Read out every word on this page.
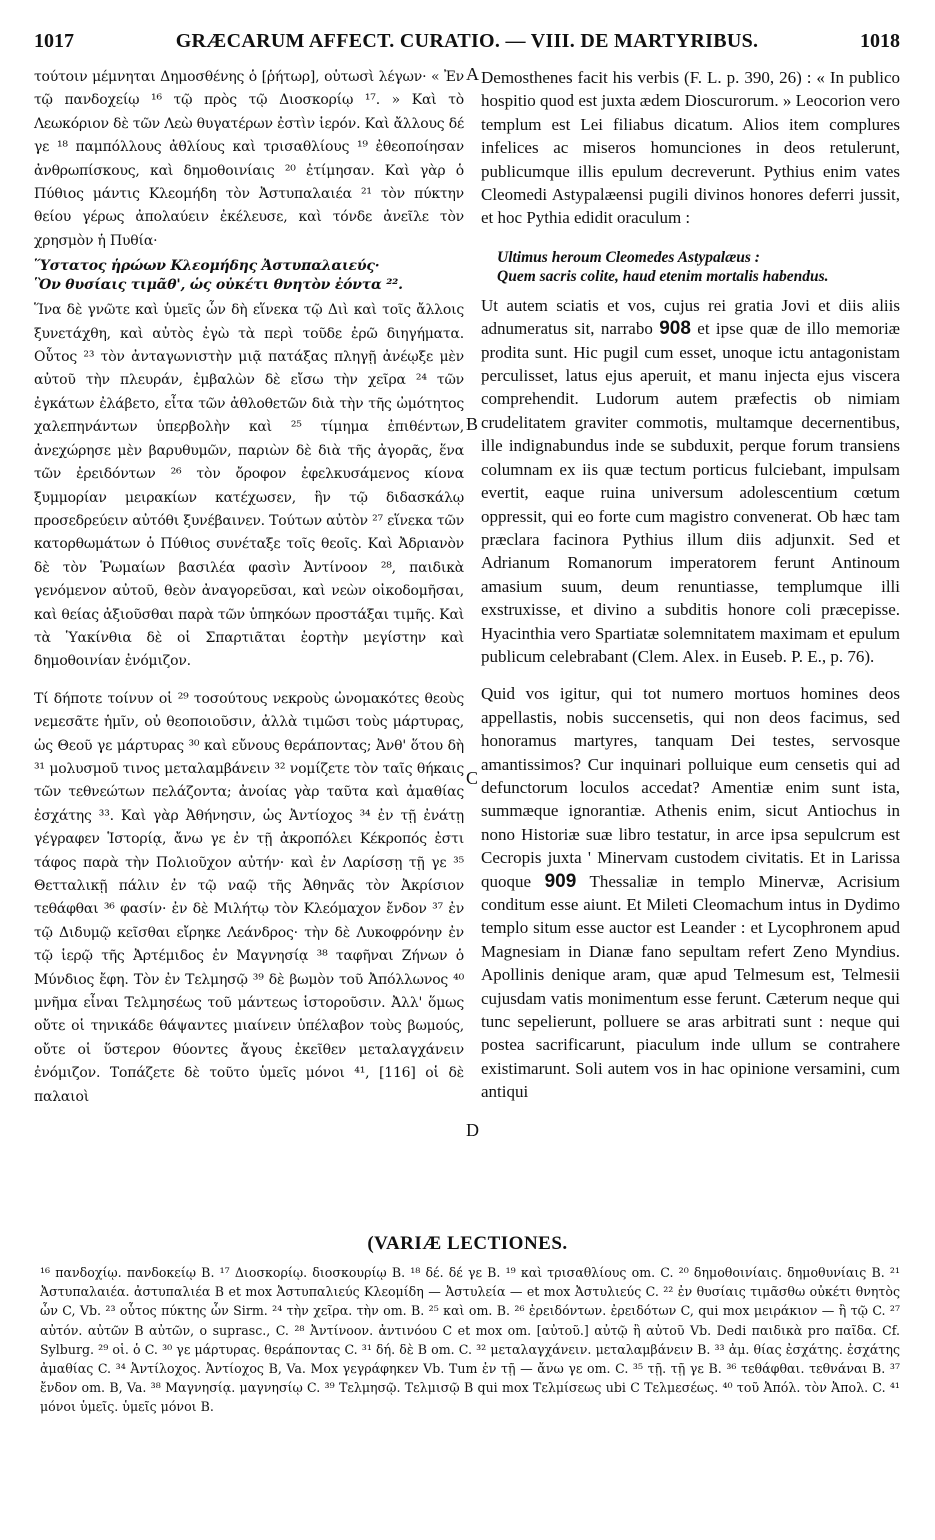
1017	GRÆCARUM AFFECT. CURATIO. — VIII. DE MARTYRIBUS.	1018
A
B
C
D

τούτοιν μέμνηται Δημοσθένης ὁ [ῥήτωρ], οὑτωσὶ λέγων· « Ἐν τῷ πανδοχείῳ ¹⁶ τῷ πρὸς τῷ Διοσκορίῳ ¹⁷. » Καὶ τὸ Λεωκόριον δὲ τῶν Λεὼ θυγατέρων ἐστὶν ἱερόν. Καὶ ἄλλους δέ γε ¹⁸ παμπόλλους ἀθλίους καὶ τρισαθλίους ¹⁹ ἐθεοποίησαν ἀνθρωπίσκους, καὶ δημοθοινίαις ²⁰ ἐτίμησαν. Καὶ γὰρ ὁ Πύθιος μάντις Κλεομήδη τὸν Ἀστυπαλαιέα ²¹ τὸν πύκτην θείου γέρως ἀπολαύειν ἐκέλευσε, καὶ τόνδε ἀνεῖλε τὸν χρησμὸν ἡ Πυθία·

Ὕστατος ἡρώων Κλεομήδης Ἀστυπαλαιεύς·
Ὃν θυσίαις τιμᾶθ', ὡς οὐκέτι θνητὸν ἐόντα ²².

Ἵνα δὲ γνῶτε καὶ ὑμεῖς ὧν δὴ εἵνεκα τῷ Διὶ καὶ τοῖς ἄλλοις ξυνετάχθη, καὶ αὐτὸς ἐγὼ τὰ περὶ τοῦδε ἐρῶ διηγήματα. Οὗτος ²³ τὸν ἀνταγωνιστὴν μιᾷ πατάξας πληγῇ ἀνέῳξε μὲν αὐτοῦ τὴν πλευράν, ἐμβαλὼν δὲ εἴσω τὴν χεῖρα ²⁴ τῶν ἐγκάτων ἐλάβετο, εἶτα τῶν ἀθλοθετῶν διὰ τὴν τῆς ὠμότητος χαλεπηνάντων ὑπερβολὴν καὶ ²⁵ τίμημα ἐπιθέντων, ἀνεχώρησε μὲν βαρυθυμῶν, παριὼν δὲ διὰ τῆς ἀγορᾶς, ἕνα τῶν ἐρειδόντων ²⁶ τὸν ὄροφον ἐφελκυσάμενος κίονα ξυμμορίαν μειρακίων κατέχωσεν, ἣν τῷ διδασκάλῳ προσεδρεύειν αὐτόθι ξυνέβαινεν. Τούτων αὐτὸν ²⁷ εἵνεκα τῶν κατορθωμάτων ὁ Πύθιος συνέταξε τοῖς θεοῖς. Καὶ Ἀδριανὸν δὲ τὸν Ῥωμαίων βασιλέα φασὶν Ἀντίνοον ²⁸, παιδικὰ γενόμενον αὐτοῦ, θεὸν ἀναγορεῦσαι, καὶ νεὼν οἰκοδομῆσαι, καὶ θείας ἀξιοῦσθαι παρὰ τῶν ὑπηκόων προστάξαι τιμῆς. Καὶ τὰ Ὑακίνθια δὲ οἱ Σπαρτιᾶται ἑορτὴν μεγίστην καὶ δημοθοινίαν ἐνόμιζον.

Τί δήποτε τοίνυν οἱ ²⁹ τοσούτους νεκροὺς ὠνομακότες θεοὺς νεμεσᾶτε ἡμῖν, οὐ θεοποιοῦσιν, ἀλλὰ τιμῶσι τοὺς μάρτυρας, ὡς Θεοῦ γε μάρτυρας ³⁰ καὶ εὔνους θεράποντας; Ἀνθ' ὅτου δὴ ³¹ μολυσμοῦ τινος μεταλαμβάνειν ³² νομίζετε τὸν ταῖς θήκαις τῶν τεθνεώτων πελάζοντα; ἀνοίας γὰρ ταῦτα καὶ ἀμαθίας ἐσχάτης ³³. Καὶ γὰρ Ἀθήνησιν, ὡς Ἀντίοχος ³⁴ ἐν τῇ ἐνάτῃ γέγραφεν Ἱστορίᾳ, ἄνω γε ἐν τῇ ἀκροπόλει Κέκροπός ἐστι τάφος παρὰ τὴν Πολιοῦχον αὐτήν· καὶ ἐν Λαρίσσῃ τῇ γε ³⁵ Θετταλικῇ πάλιν ἐν τῷ ναῷ τῆς Ἀθηνᾶς τὸν Ἀκρίσιον τεθάφθαι ³⁶ φασίν· ἐν δὲ Μιλήτῳ τὸν Κλεόμαχον ἔνδον ³⁷ ἐν τῷ Διδυμῷ κεῖσθαι εἴρηκε Λεάνδρος· τὴν δὲ Λυκοφρόνην ἐν τῷ ἱερῷ τῆς Ἀρτέμιδος ἐν Μαγνησίᾳ ³⁸ ταφῆναι Ζήνων ὁ Μύνδιος ἔφη. Τὸν ἐν Τελμησῷ ³⁹ δὲ βωμὸν τοῦ Ἀπόλλωνος ⁴⁰ μνῆμα εἶναι Τελμησέως τοῦ μάντεως ἱστοροῦσιν. Ἀλλ' ὅμως οὔτε οἱ τηνικάδε θάψαντες μιαίνειν ὑπέλαβον τοὺς βωμούς, οὔτε οἱ ὕστερον θύοντες ἄγους ἐκεῖθεν μεταλαγχάνειν ἐνόμιζον. Τοπάζετε δὲ τοῦτο ὑμεῖς μόνοι ⁴¹, [116] οἱ δὲ παλαιοὶ

Demosthenes facit his verbis (F. L. p. 390, 26) : « In publico hospitio quod est juxta ædem Dioscurorum. » Leocorion vero templum est Lei filiabus dicatum. Alios item complures infelices ac miseros homunciones in deos retulerunt, publicumque illis epulum decreverunt. Pythius enim vates Cleomedi Astypalæensi pugili divinos honores deferri jussit, et hoc Pythia edidit oraculum :

Ultimus heroum Cleomedes Astypalæus :
Quem sacris colite, haud etenim mortalis habendus.

Ut autem sciatis et vos, cujus rei gratia Jovi et diis aliis adnumeratus sit, narrabo 908 et ipse quæ de illo memoriæ prodita sunt. Hic pugil cum esset, unoque ictu antagonistam perculisset, latus ejus aperuit, et manu injecta ejus viscera comprehendit. Ludorum autem præfectis ob nimiam crudelitatem graviter commotis, multamque decernentibus, ille indignabundus inde se subduxit, perque forum transiens columnam ex iis quæ tectum porticus fulciebant, impulsam evertit, eaque ruina universum adolescentium cœtum oppressit, qui eo forte cum magistro convenerat. Ob hæc tam præclara facinora Pythius illum diis adjunxit. Sed et Adrianum Romanorum imperatorem ferunt Antinoum amasium suum, deum renuntiasse, templumque illi exstruxisse, et divino a subditis honore coli præcepisse. Hyacinthia vero Spartiatæ solemnitatem maximam et epulum publicum celebrabant (Clem. Alex. in Euseb. P. E., p. 76).

Quid vos igitur, qui tot numero mortuos homines deos appellastis, nobis succensetis, qui non deos facimus, sed honoramus martyres, tanquam Dei testes, servosque amantissimos? Cur inquinari polluique eum censetis qui ad defunctorum loculos accedat? Amentiæ enim sunt ista, summæque ignorantiæ. Athenis enim, sicut Antiochus in nono Historiæ suæ libro testatur, in arce ipsa sepulcrum est Cecropis juxta ' Minervam custodem civitatis. Et in Larissa quoque 909 Thessaliæ in templo Minervæ, Acrisium conditum esse aiunt. Et Mileti Cleomachum intus in Dydimo templo situm esse auctor est Leander : et Lycophronem apud Magnesiam in Dianæ fano sepultam refert Zeno Myndius. Apollinis denique aram, quæ apud Telmesum est, Telmesii cujusdam vatis monimentum esse ferunt. Cæterum neque qui tunc sepelierunt, polluere se aras arbitrati sunt : neque qui postea sacrificarunt, piaculum inde ullum se contrahere existimarunt. Soli autem vos in hac opinione versamini, cum antiqui

(VARIÆ LECTIONES.
¹⁶ πανδοχίῳ. πανδοκείῳ B. ¹⁷ Διοσκορίῳ. διοσκουρίῳ B. ¹⁸ δέ. δέ γε B. ¹⁹ καὶ τρισαθλίους om. C. ²⁰ δημοθοινίαις. δημοθυνίαις B. ²¹ Ἀστυπαλαιέα. ἀστυπαλιέα B et mox Ἀστυπαλιεύς Κλεομίδη — Ἀστυλεία — et mox Ἀστυλιεύς C. ²² ἐν θυσίαις τιμᾶσθω οὐκέτι θνητὸς ὧν C, Vb. ²³ οὗτος πύκτης ὧν Sirm. ²⁴ τὴν χεῖρα. τὴν om. B. ²⁵ καὶ om. B. ²⁶ ἐρειδόντων. ἐρειδότων C, qui mox μειράκιον — ἢ τῷ C. ²⁷ αὐτόν. αὐτῶν B αὐτῶν, ο suprasc., C. ²⁸ Ἀντίνοον. ἀντινόου C et mox om. [αὐτοῦ.] αὐτῷ ἢ αὐτοῦ Vb. Dedi παιδικὰ pro παῖδα. Cf. Sylburg. ²⁹ οἱ. ὁ C. ³⁰ γε μάρτυρας. θεράποντας C. ³¹ δή. δὲ B om. C. ³² μεταλαγχάνειν. μεταλαμβάνειν B. ³³ ἀμ. θίας ἐσχάτης. ἐσχάτης ἀμαθίας C. ³⁴ Ἀντίλοχος. Ἀντίοχος B, Va. Mox γεγράφηκεν Vb. Tum ἐν τῇ — ἄνω γε om. C. ³⁵ τῇ. τῇ γε B. ³⁶ τεθάφθαι. τεθνάναι B. ³⁷ ἔνδον om. B, Va. ³⁸ Μαγνησίᾳ. μαγνησίῳ C. ³⁹ Τελμησῷ. Τελμισῷ B qui mox Τελμίσεως ubi C Τελμεσέως. ⁴⁰ τοῦ Ἀπόλ. τὸν Ἀπολ. C. ⁴¹ μόνοι ὑμεῖς. ὑμεῖς μόνοι B.
